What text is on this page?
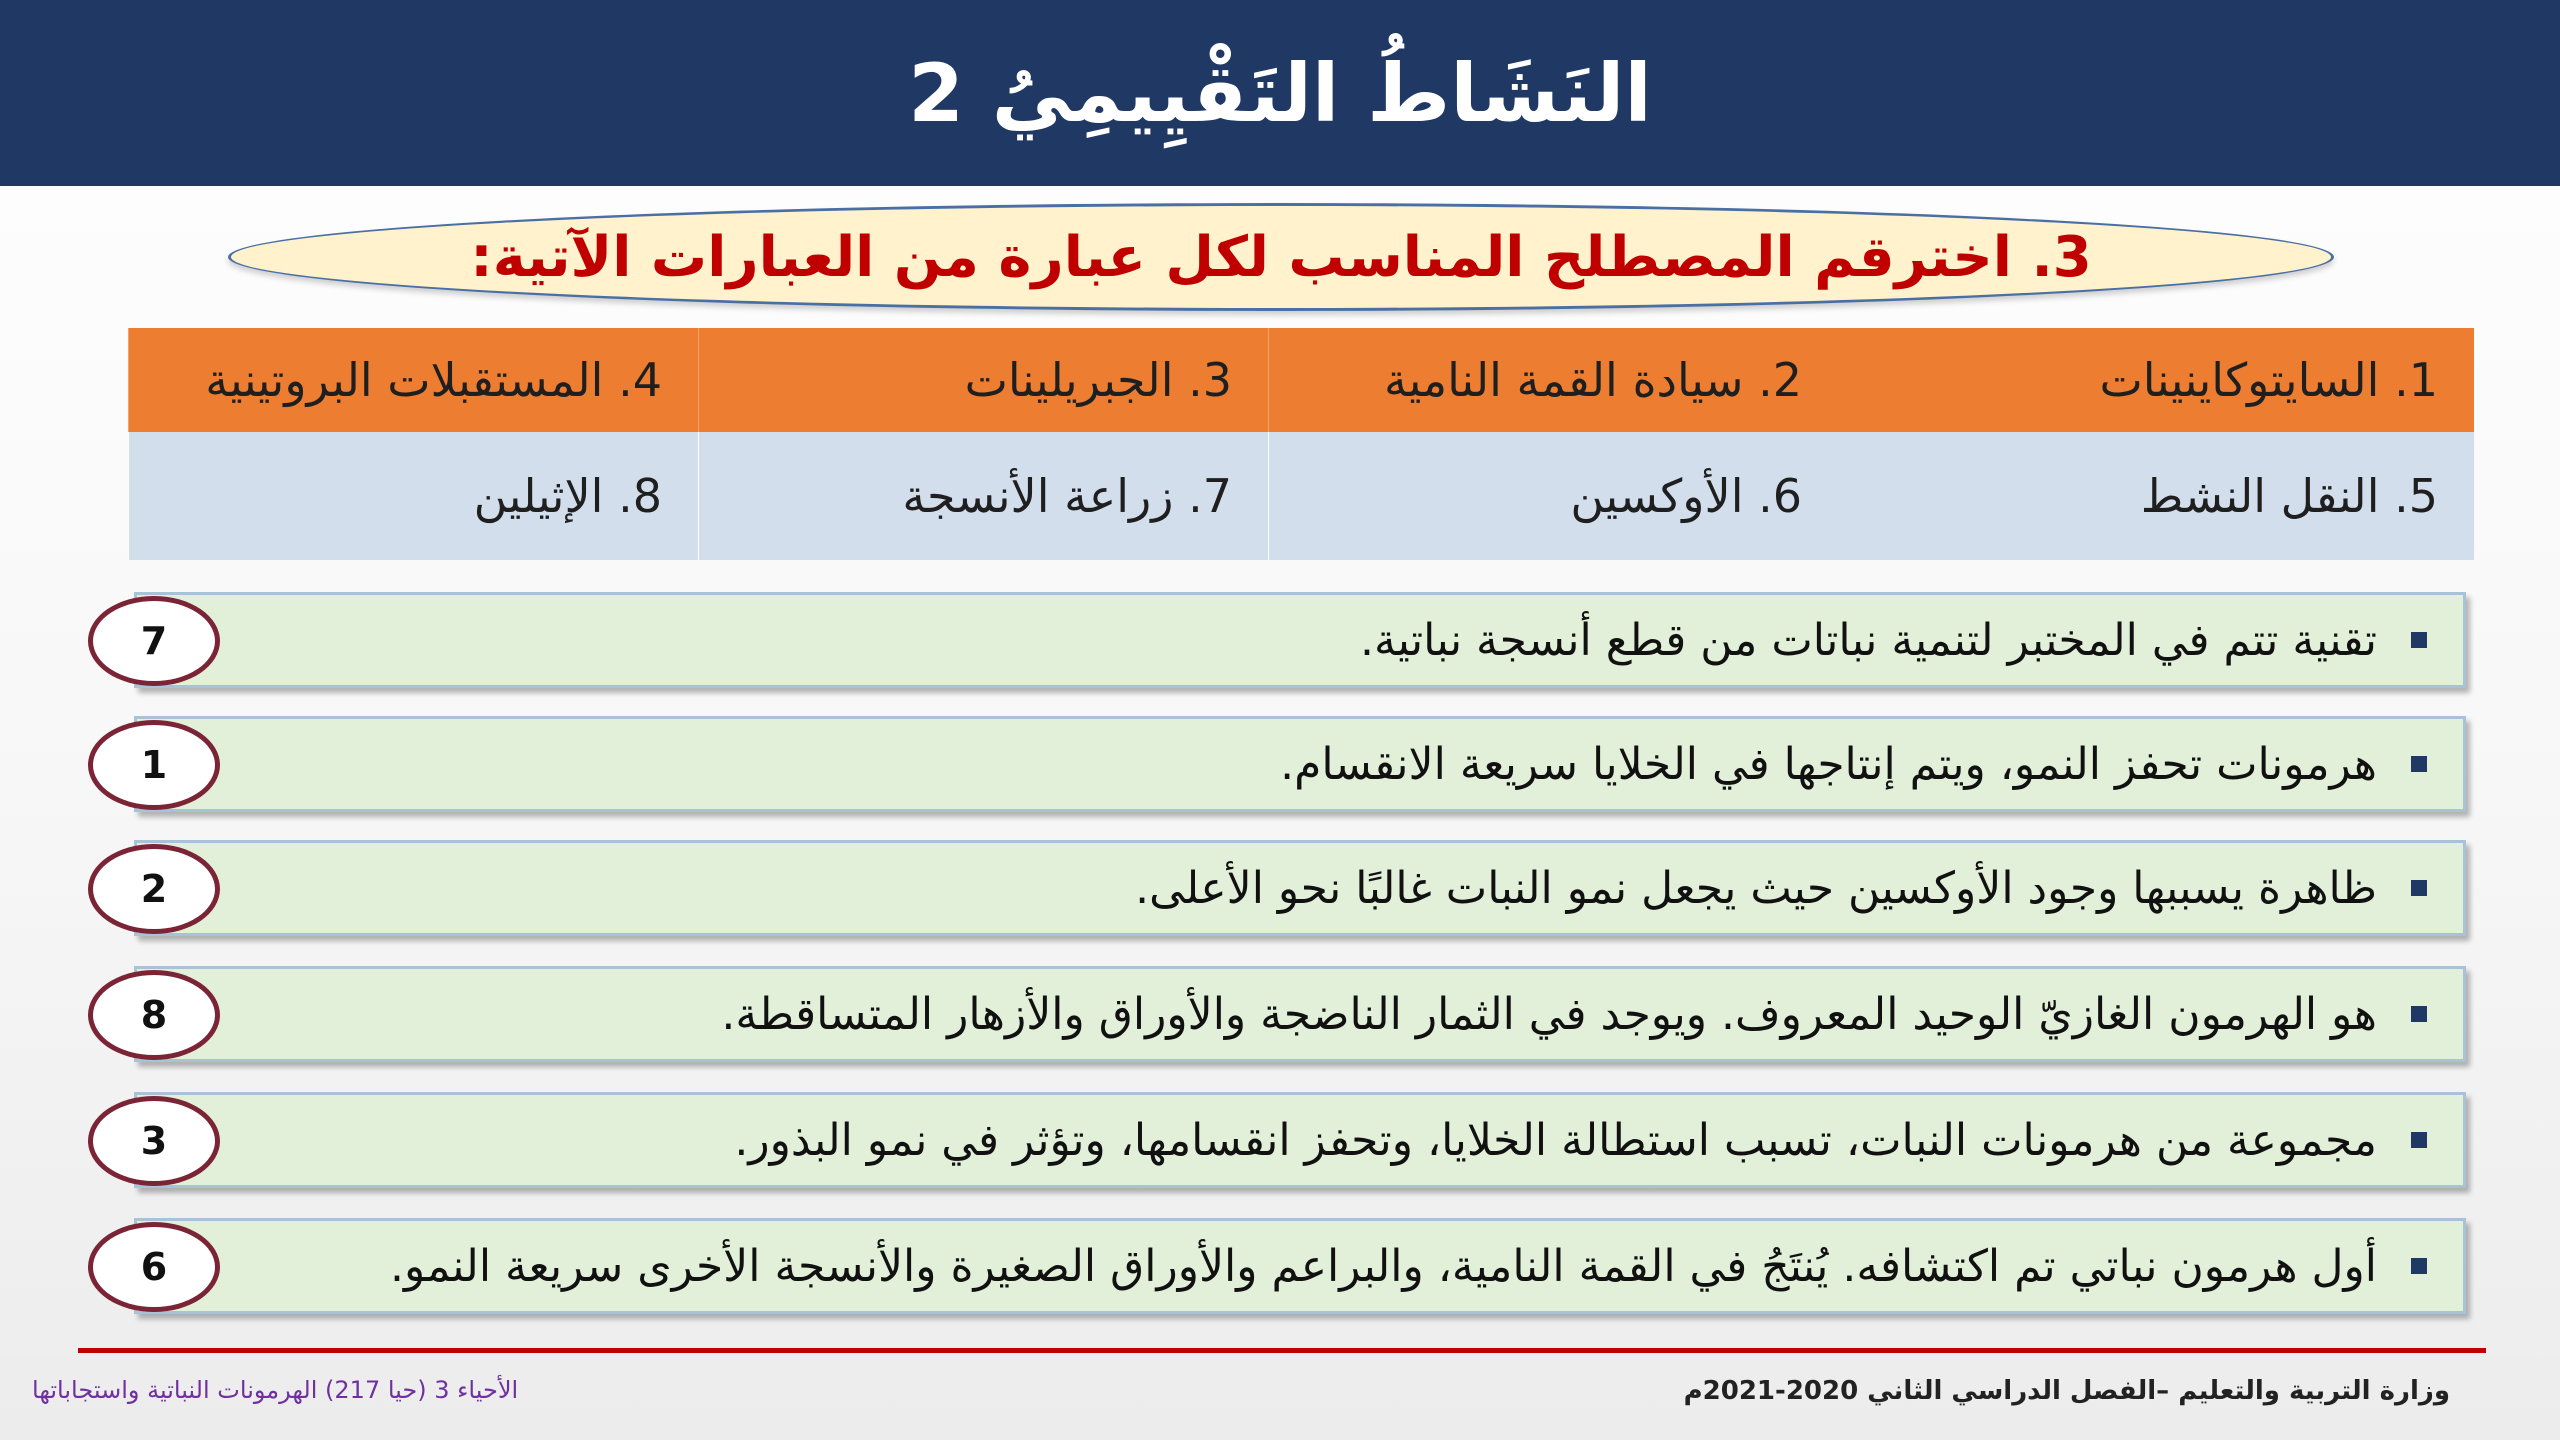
النَشَاطُ التَقْيِيمِيُ 2
3. اخترقم المصطلح المناسب لكل عبارة من العبارات الآتية:
1. السايتوكاينينات
2. سيادة القمة النامية
3. الجبريلينات
4. المستقبلات البروتينية
5. النقل النشط
6. الأوكسين
7. زراعة الأنسجة
8. الإثيلين
تقنية تتم في المختبر لتنمية نباتات من قطع أنسجة نباتية.
7
هرمونات تحفز النمو، ويتم إنتاجها في الخلايا سريعة الانقسام.
1
ظاهرة يسببها وجود الأوكسين حيث يجعل نمو النبات غالبًا نحو الأعلى.
2
هو الهرمون الغازيّ الوحيد المعروف. ويوجد في الثمار الناضجة والأوراق والأزهار المتساقطة.
8
مجموعة من هرمونات النبات، تسبب استطالة الخلايا، وتحفز انقسامها، وتؤثر في نمو البذور.
3
أول هرمون نباتي تم اكتشافه. يُنتَجُ في القمة النامية، والبراعم والأوراق الصغيرة والأنسجة الأخرى سريعة النمو.
6
وزارة التربية والتعليم –الفصل الدراسي الثاني 2020-2021م
الأحياء 3 (حيا 217) الهرمونات النباتية واستجاباتها
